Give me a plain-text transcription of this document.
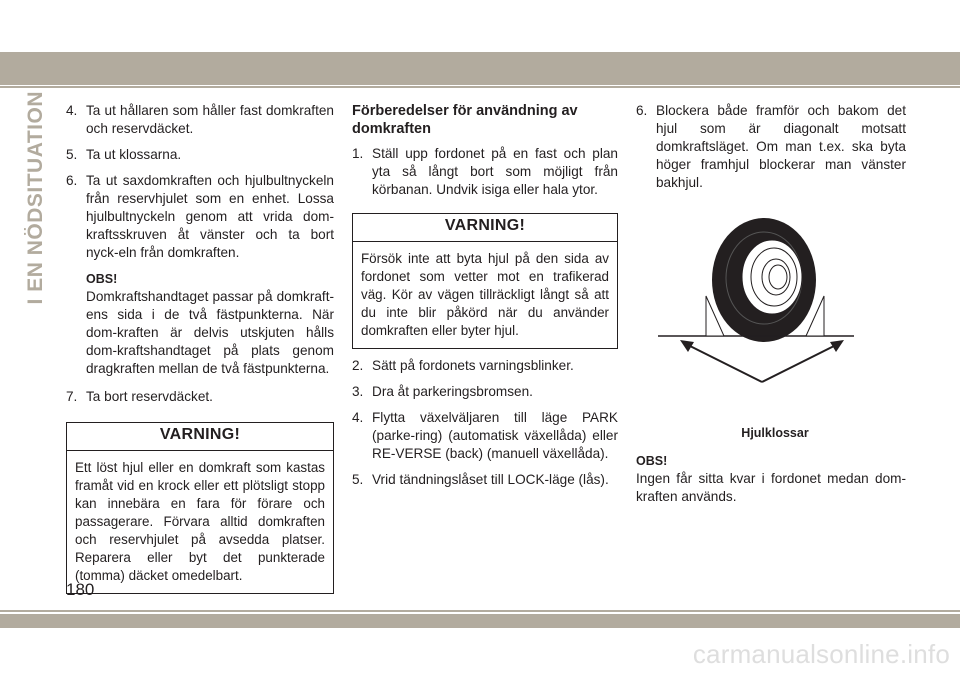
I EN NÖDSITUATION 4. Ta ut hållaren som håller fast domkraften och reservdäcket.
5. Ta ut klossarna.
6. Ta ut saxdomkraften och hjulbultnyckeln från reservhjulet som en enhet. Lossa hjulbultnyckeln genom att vrida dom-kraftsskruven åt vänster och ta bort nyck-eln från domkraften.
OBS!
Domkraftshandtaget passar på domkraft-ens sida i de två fästpunkterna. När dom-kraften är delvis utskjuten hålls dom-kraftshandtaget på plats genom dragkraften mellan de två fästpunkterna.
7. Ta bort reservdäcket.
VARNING!
Ett löst hjul eller en domkraft som kastas framåt vid en krock eller ett plötsligt stopp kan innebära en fara för förare och passagerare. Förvara alltid domkraften och reservhjulet på avsedda platser. Reparera eller byt det punkterade (tomma) däcket omedelbart.
Förberedelser för användning av domkraften
1. Ställ upp fordonet på en fast och plan yta så långt bort som möjligt från körbanan. Undvik isiga eller hala ytor.
VARNING!
Försök inte att byta hjul på den sida av fordonet som vetter mot en trafikerad väg. Kör av vägen tillräckligt långt så att du inte blir påkörd när du använder domkraften eller byter hjul.
2. Sätt på fordonets varningsblinker.
3. Dra åt parkeringsbromsen.
4. Flytta växelväljaren till läge PARK (parke-ring) (automatisk växellåda) eller RE-VERSE (back) (manuell växellåda).
5. Vrid tändningslåset till LOCK-läge (lås).
6. Blockera både framför och bakom det hjul som är diagonalt motsatt domkraftsläget. Om man t.ex. ska byta höger framhjul blockerar man vänster bakhjul.
Hjulklossar
OBS!
Ingen får sitta kvar i fordonet medan dom-kraften används.
180
carmanualsonline.info
